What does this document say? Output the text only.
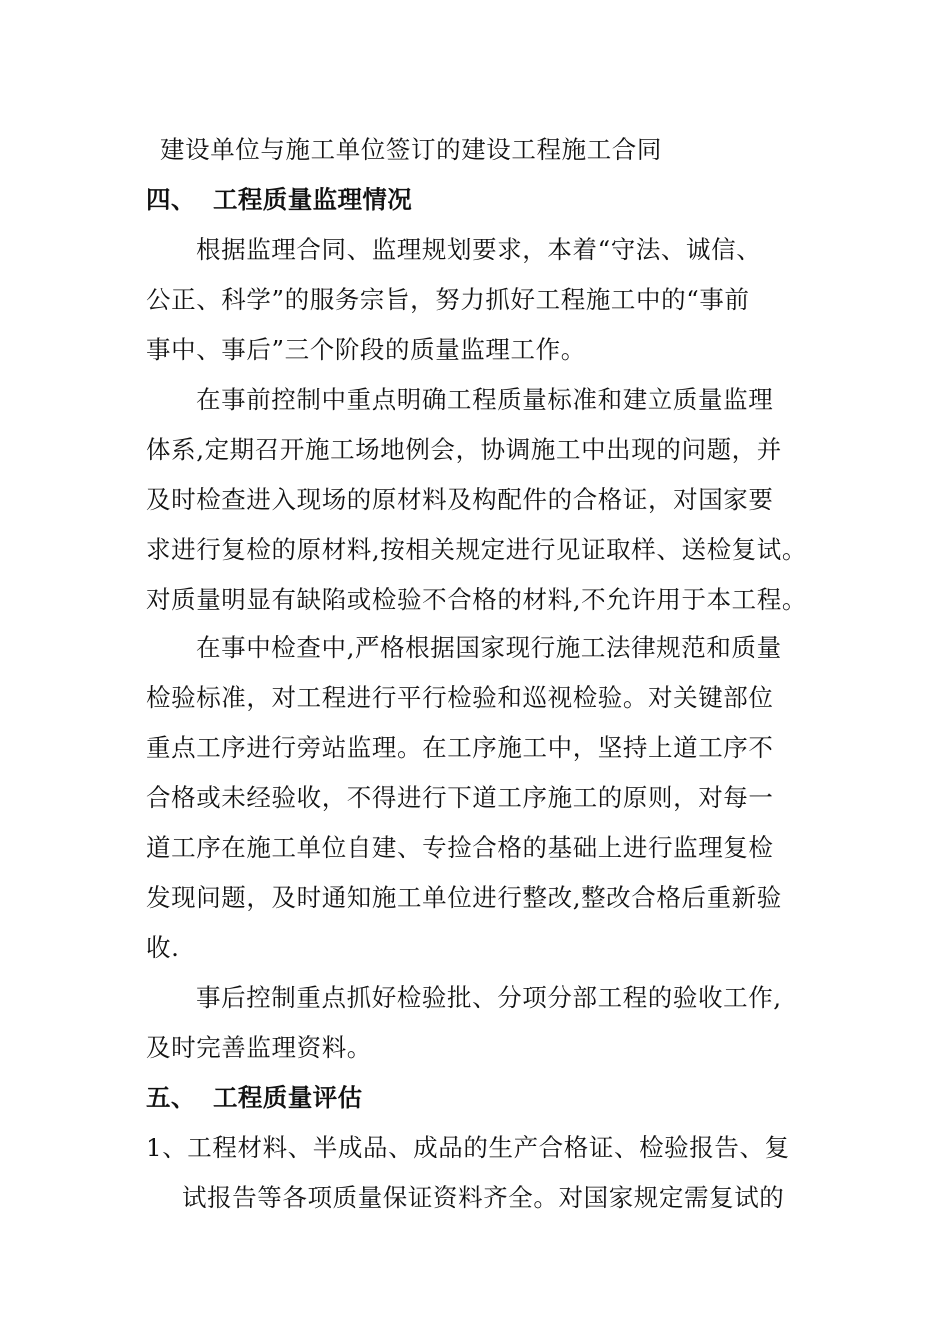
建设单位与施工单位签订的建设工程施工合同
四、 工程质量监理情况
根据监理合同、监理规划要求，本着“守法、诚信、
公正、科学”的服务宗旨，努力抓好工程施工中的“事前
事中、事后”三个阶段的质量监理工作。
在事前控制中重点明确工程质量标准和建立质量监理
体系,定期召开施工场地例会，协调施工中出现的问题，并
及时检查进入现场的原材料及构配件的合格证，对国家要
求进行复检的原材料,按相关规定进行见证取样、送检复试。
对质量明显有缺陷或检验不合格的材料,不允许用于本工程。
在事中检查中,严格根据国家现行施工法律规范和质量
检验标准，对工程进行平行检验和巡视检验。对关键部位
重点工序进行旁站监理。在工序施工中，坚持上道工序不
合格或未经验收，不得进行下道工序施工的原则，对每一
道工序在施工单位自建、专捡合格的基础上进行监理复检
发现问题，及时通知施工单位进行整改,整改合格后重新验
收.
事后控制重点抓好检验批、分项分部工程的验收工作,
及时完善监理资料。
五、 工程质量评估
1、工程材料、半成品、成品的生产合格证、检验报告、复
试报告等各项质量保证资料齐全。对国家规定需复试的
